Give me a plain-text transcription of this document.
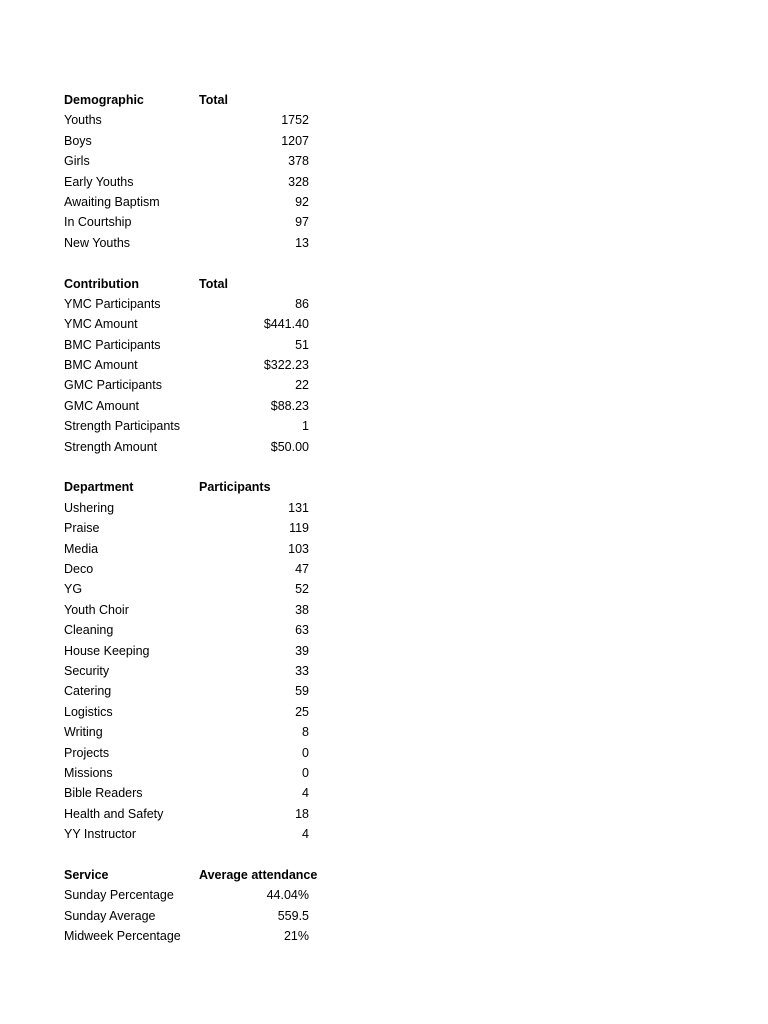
Demographic	Total
Youths	1752
Boys	1207
Girls	378
Early Youths	328
Awaiting Baptism	92
In Courtship	97
New Youths	13
Contribution	Total
YMC Participants	86
YMC Amount	$441.40
BMC Participants	51
BMC Amount	$322.23
GMC Participants	22
GMC Amount	$88.23
Strength Participants	1
Strength Amount	$50.00
Department	Participants
Ushering	131
Praise	119
Media	103
Deco	47
YG	52
Youth Choir	38
Cleaning	63
House Keeping	39
Security	33
Catering	59
Logistics	25
Writing	8
Projects	0
Missions	0
Bible Readers	4
Health and Safety	18
YY Instructor	4
Service	Average attendance
Sunday Percentage	44.04%
Sunday Average	559.5
Midweek Percentage	21%
